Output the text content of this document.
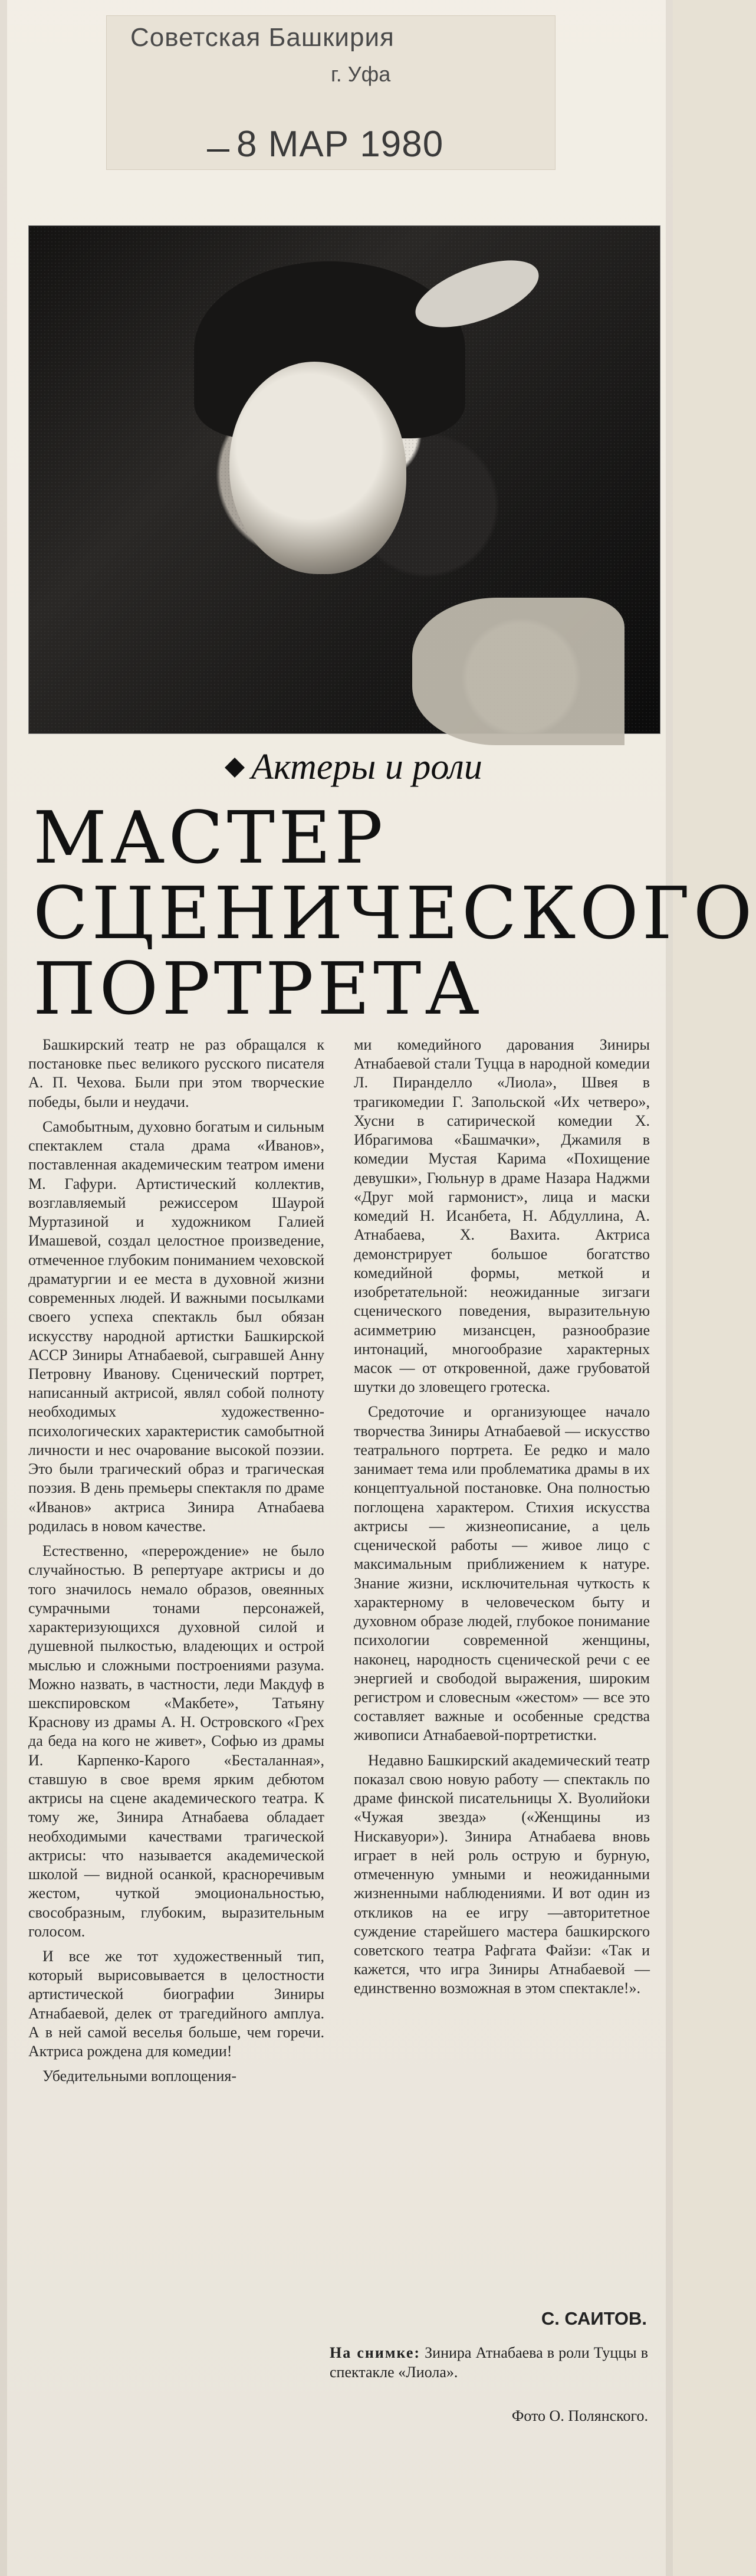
Советская Башкирия
г. Уфа
8 МАР 1980
Актеры и роли
МАСТЕР
СЦЕНИЧЕСКОГО
ПОРТРЕТА

Башкирский театр не раз обращался к постановке пьес великого русского писателя А. П. Чехова. Были при этом творческие победы, были и неудачи.

Самобытным, духовно богатым и сильным спектаклем стала драма «Иванов», поставленная академическим театром имени М. Гафури. Артистический коллектив, возглавляемый режиссером Шаурой Муртазиной и художником Галией Имашевой, создал целостное произведение, отмеченное глубоким пониманием чеховской драматургии и ее места в духовной жизни современных людей. И важными посылками своего успеха спектакль был обязан искусству народной артистки Башкирской АССР Зиниры Атнабаевой, сыгравшей Анну Петровну Иванову. Сценический портрет, написанный актрисой, являл собой полноту необходимых художественно-психологических характеристик самобытной личности и нес очарование высокой поэзии. Это были трагический образ и трагическая поэзия. В день премьеры спектакля по драме «Иванов» актриса Зинира Атнабаева родилась в новом качестве.

Естественно, «перерождение» не было случайностью. В репертуаре актрисы и до того значилось немало образов, овеянных сумрачными тонами персонажей, характеризующихся духовной силой и душевной пылкостью, владеющих и острой мыслью и сложными построениями разума. Можно назвать, в частности, леди Макдуф в шекспировском «Макбете», Татьяну Краснову из драмы А. Н. Островского «Грех да беда на кого не живет», Софью из драмы И. Карпенко-Карого «Бесталанная», ставшую в свое время ярким дебютом актрисы на сцене академического театра. К тому же, Зинира Атнабаева обладает необходимыми качествами трагической актрисы: что называется академической школой — видной осанкой, красноречивым жестом, чуткой эмоциональностью, свособразным, глубоким, выразительным голосом.

И все же тот художественный тип, который вырисовывается в целостности артистической биографии Зиниры Атнабаевой, делек от трагедийного амплуа. А в ней самой веселья больше, чем горечи. Актриса рождена для комедии!

Убедительными воплощения-

ми комедийного дарования Зиниры Атнабаевой стали Туцца в народной комедии Л. Пиранделло «Лиола», Швея в трагикомедии Г. Запольской «Их четверо», Хусни в сатирической комедии Х. Ибрагимова «Башмачки», Джамиля в комедии Мустая Карима «Похищение девушки», Гюльнур в драме Назара Наджми «Друг мой гармонист», лица и маски комедий Н. Исанбета, Н. Абдуллина, А. Атнабаева, Х. Вахита. Актриса демонстрирует большое богатство комедийной формы, меткой и изобретательной: неожиданные зигзаги сценического поведения, выразительную асимметрию мизансцен, разнообразие интонаций, многообразие характерных масок — от откровенной, даже грубоватой шутки до зловещего гротеска.

Средоточие и организующее начало творчества Зиниры Атнабаевой — искусство театрального портрета. Ее редко и мало занимает тема или проблематика драмы в их концептуальной постановке. Она полностью поглощена характером. Стихия искусства актрисы — жизнеописание, а цель сценической работы — живое лицо с максимальным приближением к натуре. Знание жизни, исключительная чуткость к характерному в человеческом быту и духовном образе людей, глубокое понимание психологии современной женщины, наконец, народность сценической речи с ее энергией и свободой выражения, широким регистром и словесным «жестом» — все это составляет важные и особенные средства живописи Атнабаевой-портретистки.

Недавно Башкирский академический театр показал свою новую работу — спектакль по драме финской писательницы Х. Вуолийоки «Чужая звезда» («Женщины из Нискавуори»). Зинира Атнабаева вновь играет в ней роль острую и бурную, отмеченную умными и неожиданными жизненными наблюдениями. И вот один из откликов на ее игру —авторитетное суждение старейшего мастера башкирского советского театра Рафгата Файзи: «Так и кажется, что игра Зиниры Атнабаевой — единственно возможная в этом спектакле!».

С. САИТОВ.
На снимке: Зинира Атнабаева в роли Туццы в спектакле «Лиола».
Фото О. Полянского.
